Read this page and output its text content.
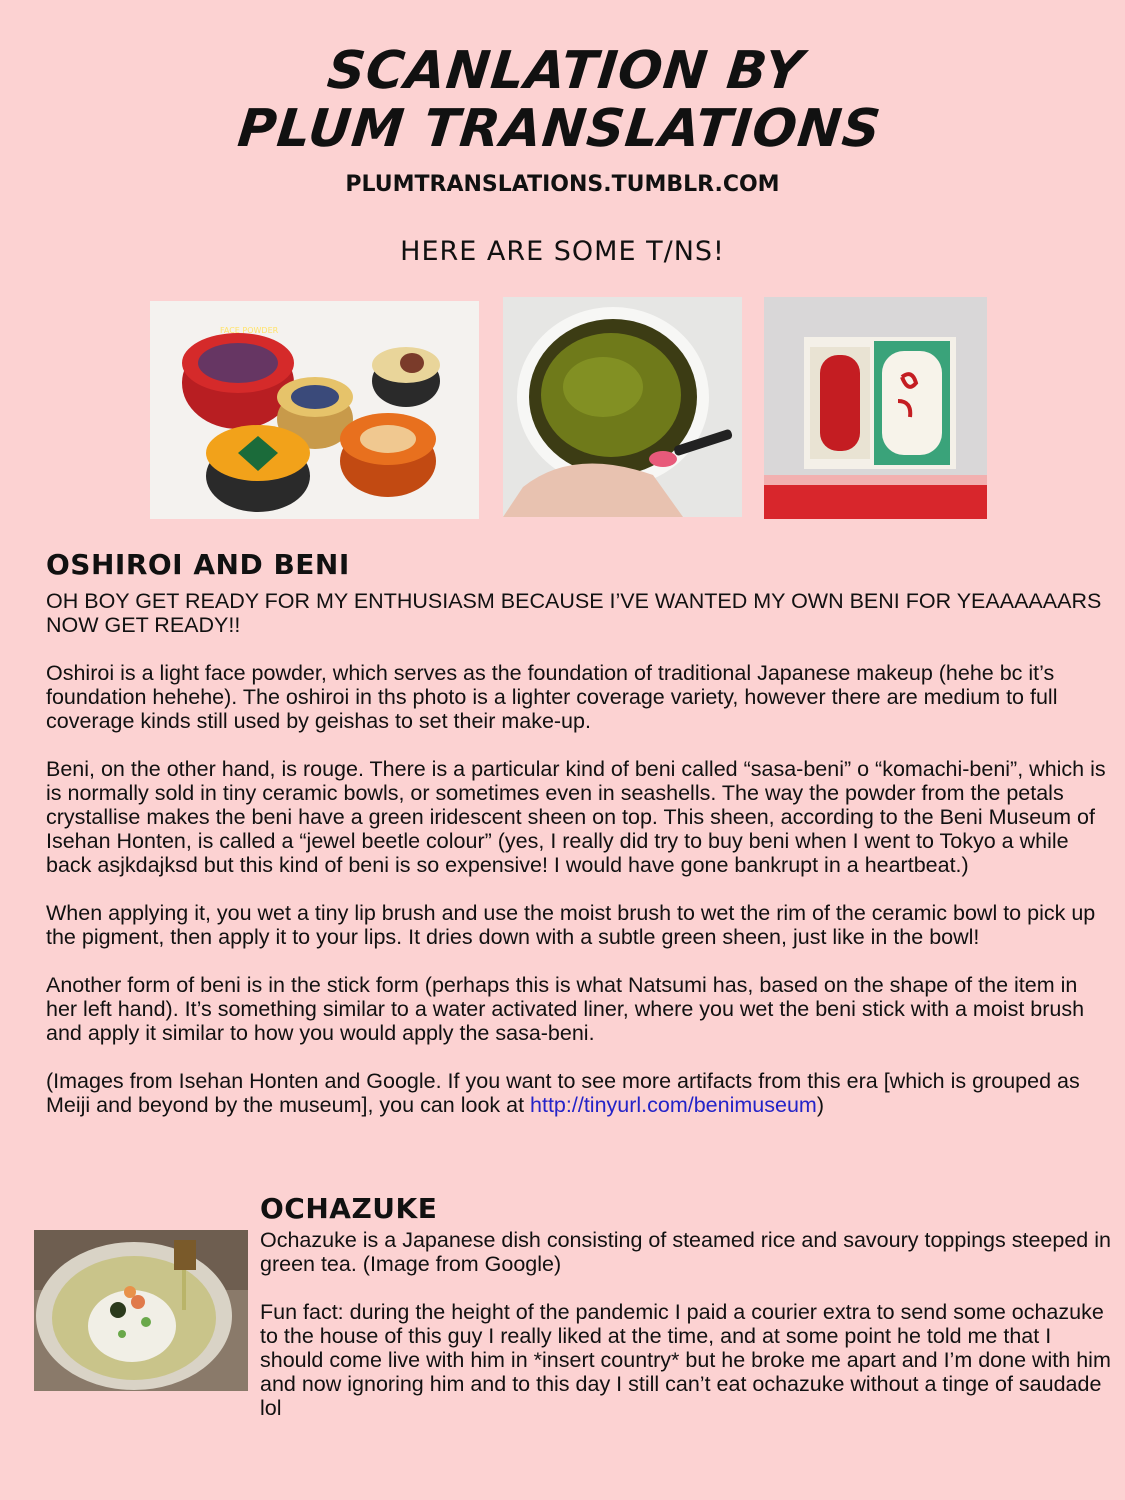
SCANLATION BY
PLUM TRANSLATIONS
PLUMTRANSLATIONS.TUMBLR.COM
HERE ARE SOME T/NS!
FACE POWDER
OSHIROI AND BENI

OH BOY GET READY FOR MY ENTHUSIASM BECAUSE I’VE WANTED MY OWN BENI FOR YEAAAAAARS NOW GET READY!!

Oshiroi is a light face powder, which serves as the foundation of traditional Japanese makeup (hehe bc it’s foundation hehehe). The oshiroi in ths photo is a lighter coverage variety, however there are medium to full coverage kinds still used by geishas to set their make-up.

Beni, on the other hand, is rouge. There is a particular kind of beni called “sasa-beni” o “komachi-beni”, which is is normally sold in tiny ceramic bowls, or sometimes even in seashells. The way the powder from the petals crystallise makes the beni have a green iridescent sheen on top. This sheen, according to the Beni Museum of Isehan Honten, is called a “jewel beetle colour” (yes, I really did try to buy beni when I went to Tokyo a while back asjkdajksd but this kind of beni is so expensive! I would have gone bankrupt in a heartbeat.)

When applying it, you wet a tiny lip brush and use the moist brush to wet the rim of the ceramic bowl to pick up the pigment, then apply it to your lips. It dries down with a subtle green sheen, just like in the bowl!

Another form of beni is in the stick form (perhaps this is what Natsumi has, based on the shape of the item in her left hand). It’s something similar to a water activated liner, where you wet the beni stick with a moist brush and apply it similar to how you would apply the sasa-beni.

(Images from Isehan Honten and Google. If you want to see more artifacts from this era [which is grouped as Meiji and beyond by the museum], you can look at http://tinyurl.com/benimuseum)

OCHAZUKE

Ochazuke is a Japanese dish consisting of steamed rice and savoury toppings steeped in green tea. (Image from Google)

Fun fact: during the height of the pandemic I paid a courier extra to send some ochazuke to the house of this guy I really liked at the time, and at some point he told me that I should come live with him in *insert country* but he broke me apart and I’m done with him and now ignoring him and to this day I still can’t eat ochazuke without a tinge of saudade lol
